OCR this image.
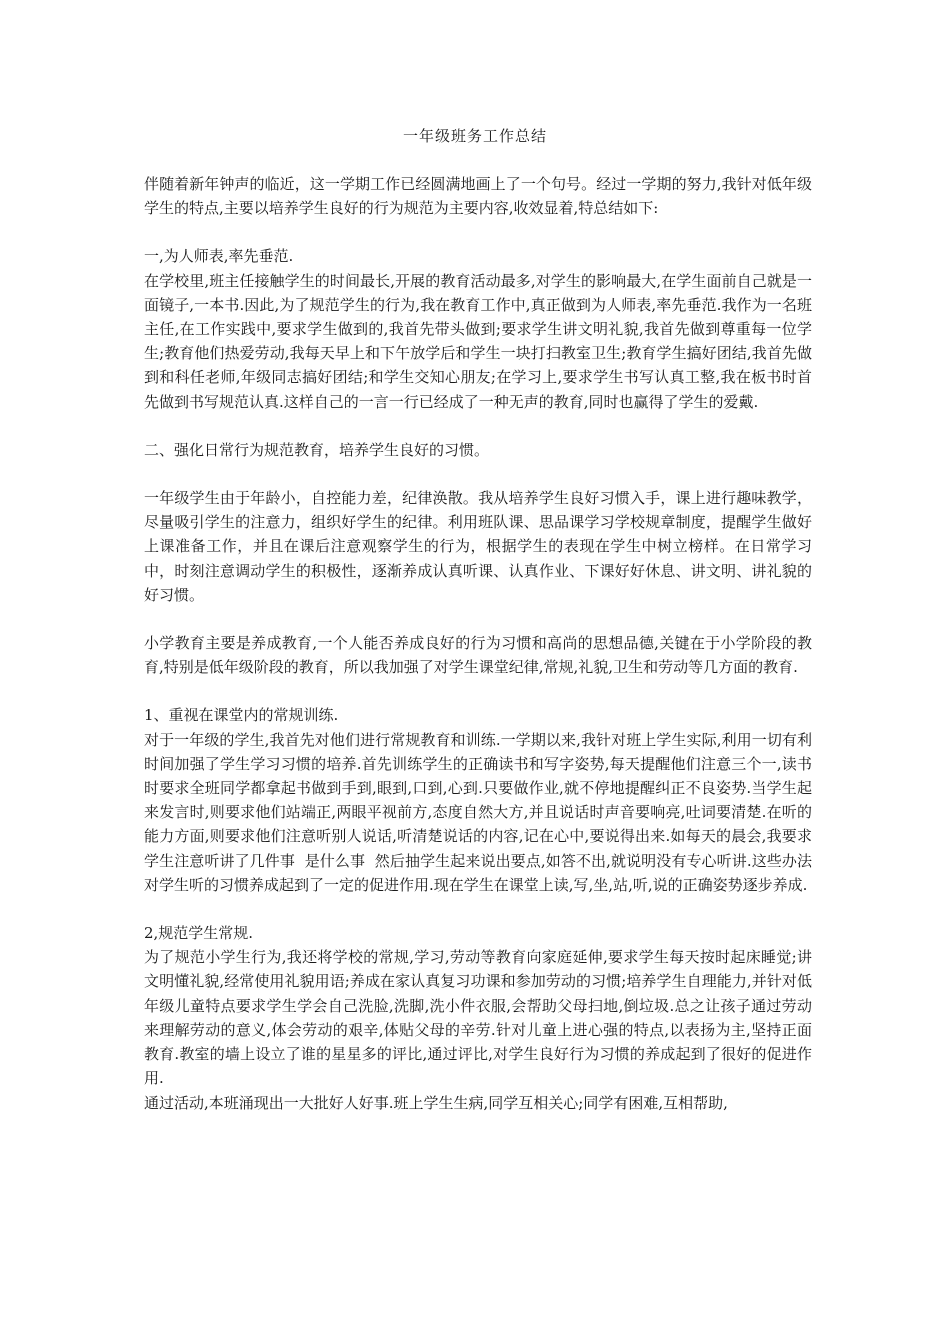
一年级班务工作总结

伴随着新年钟声的临近，这一学期工作已经圆满地画上了一个句号。经过一学期的努力,我针对低年级学生的特点,主要以培养学生良好的行为规范为主要内容,收效显着,特总结如下:

一,为人师表,率先垂范.

在学校里,班主任接触学生的时间最长,开展的教育活动最多,对学生的影响最大,在学生面前自己就是一面镜子,一本书.因此,为了规范学生的行为,我在教育工作中,真正做到为人师表,率先垂范.我作为一名班主任,在工作实践中,要求学生做到的,我首先带头做到;要求学生讲文明礼貌,我首先做到尊重每一位学生;教育他们热爱劳动,我每天早上和下午放学后和学生一块打扫教室卫生;教育学生搞好团结,我首先做到和科任老师,年级同志搞好团结;和学生交知心朋友;在学习上,要求学生书写认真工整,我在板书时首先做到书写规范认真.这样自己的一言一行已经成了一种无声的教育,同时也赢得了学生的爱戴.

二、强化日常行为规范教育，培养学生良好的习惯。

一年级学生由于年龄小，自控能力差，纪律涣散。我从培养学生良好习惯入手，课上进行趣味教学，尽量吸引学生的注意力，组织好学生的纪律。利用班队课、思品课学习学校规章制度，提醒学生做好上课准备工作，并且在课后注意观察学生的行为，根据学生的表现在学生中树立榜样。在日常学习中，时刻注意调动学生的积极性，逐渐养成认真听课、认真作业、下课好好休息、讲文明、讲礼貌的好习惯。

小学教育主要是养成教育,一个人能否养成良好的行为习惯和高尚的思想品德,关键在于小学阶段的教育,特别是低年级阶段的教育，所以我加强了对学生课堂纪律,常规,礼貌,卫生和劳动等几方面的教育.

1、重视在课堂内的常规训练.

对于一年级的学生,我首先对他们进行常规教育和训练.一学期以来,我针对班上学生实际,利用一切有利时间加强了学生学习习惯的培养.首先训练学生的正确读书和写字姿势,每天提醒他们注意三个一,读书时要求全班同学都拿起书做到手到,眼到,口到,心到.只要做作业,就不停地提醒纠正不良姿势.当学生起来发言时,则要求他们站端正,两眼平视前方,态度自然大方,并且说话时声音要响亮,吐词要清楚.在听的能力方面,则要求他们注意听别人说话,听清楚说话的内容,记在心中,要说得出来.如每天的晨会,我要求学生注意听讲了几件事  是什么事  然后抽学生起来说出要点,如答不出,就说明没有专心听讲.这些办法对学生听的习惯养成起到了一定的促进作用.现在学生在课堂上读,写,坐,站,听,说的正确姿势逐步养成.

2,规范学生常规.

为了规范小学生行为,我还将学校的常规,学习,劳动等教育向家庭延伸,要求学生每天按时起床睡觉;讲文明懂礼貌,经常使用礼貌用语;养成在家认真复习功课和参加劳动的习惯;培养学生自理能力,并针对低年级儿童特点要求学生学会自己洗脸,洗脚,洗小件衣服,会帮助父母扫地,倒垃圾.总之让孩子通过劳动来理解劳动的意义,体会劳动的艰辛,体贴父母的辛劳.针对儿童上进心强的特点,以表扬为主,坚持正面教育.教室的墙上设立了谁的星星多的评比,通过评比,对学生良好行为习惯的养成起到了很好的促进作用.

通过活动,本班涌现出一大批好人好事.班上学生生病,同学互相关心;同学有困难,互相帮助,
